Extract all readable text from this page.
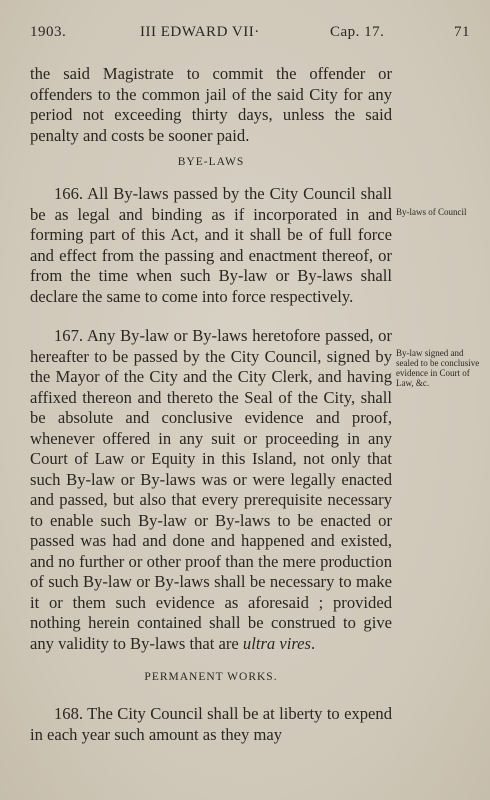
1903.	III EDWARD VII·	Cap. 17.	71

the said Magistrate to commit the offender or offenders to the common jail of the said City for any period not exceeding thirty days, unless the said penalty and costs be sooner paid.

BYE-LAWS

166. All By-laws passed by the City Council shall be as legal and binding as if incorporated in and forming part of this Act, and it shall be of full force and effect from the passing and enactment thereof, or from the time when such By-law or By-laws shall declare the same to come into force respectively.

By-laws of Council

167. Any By-law or By-laws heretofore passed, or hereafter to be passed by the City Council, signed by the Mayor of the City and the City Clerk, and having affixed thereon and thereto the Seal of the City, shall be absolute and conclusive evidence and proof, whenever offered in any suit or proceeding in any Court of Law or Equity in this Island, not only that such By-law or By-laws was or were legally enacted and passed, but also that every prerequisite necessary to enable such By-law or By-laws to be enacted or passed was had and done and happened and existed, and no further or other proof than the mere production of such By-law or By-laws shall be necessary to make it or them such evidence as aforesaid ; provided nothing herein contained shall be construed to give any validity to By-laws that are ultra vires.

By-law signed and sealed to be conclusive evidence in Court of Law, &c.
PERMANENT WORKS.

168. The City Council shall be at liberty to expend in each year such amount as they may
